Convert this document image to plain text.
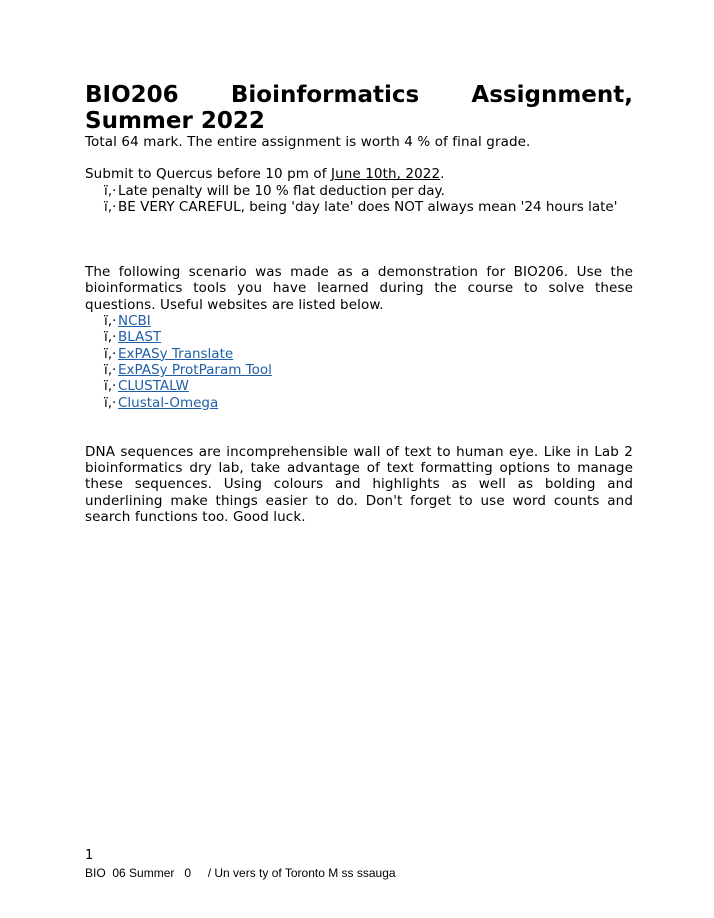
BIO206 Bioinformatics Assignment,
Summer 2022

Total 64 mark. The entire assignment is worth 4 % of final grade.

Submit to Quercus before 10 pm of June 10th, 2022.

ï‚· Late penalty will be 10 % flat deduction per day.
ï‚· BE VERY CAREFUL, being 'day late' does NOT always mean '24 hours late'

The following scenario was made as a demonstration for BIO206. Use the bioinformatics tools you have learned during the course to solve these questions. Useful websites are listed below.

ï‚· NCBI
ï‚· BLAST
ï‚· ExPASy Translate
ï‚· ExPASy ProtParam Tool
ï‚· CLUSTALW
ï‚· Clustal-Omega

DNA sequences are incomprehensible wall of text to human eye. Like in Lab 2 bioinformatics dry lab, take advantage of text formatting options to manage these sequences. Using colours and highlights as well as bolding and underlining make things easier to do. Don't forget to use word counts and search functions too. Good luck.

1
BIO  06 Summer   0     / Un vers ty of Toronto M ss ssauga
